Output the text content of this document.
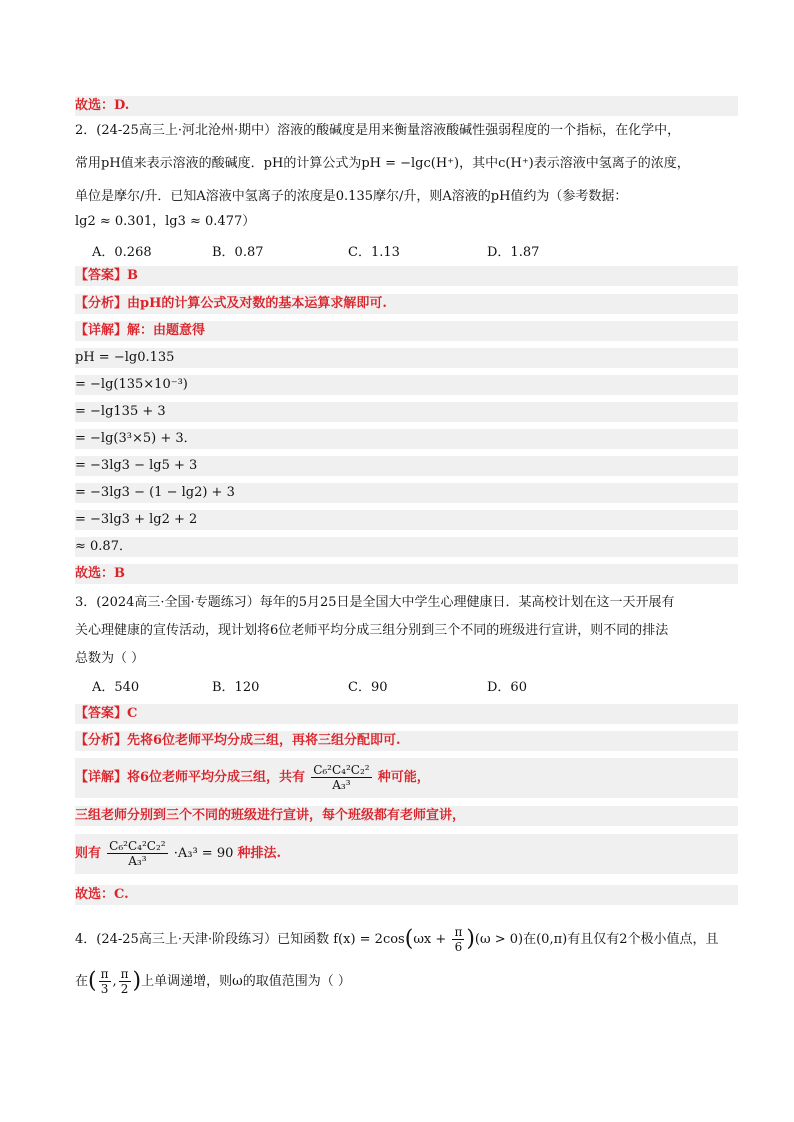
故选：D.
2．(24-25高三上·河北沧州·期中）溶液的酸碱度是用来衡量溶液酸碱性强弱程度的一个指标，在化学中，
常用pH值来表示溶液的酸碱度．pH的计算公式为pH = −lgc(H⁺)，其中c(H⁺)表示溶液中氢离子的浓度，
单位是摩尔/升．已知A溶液中氢离子的浓度是0.135摩尔/升，则A溶液的pH值约为（参考数据：
lg2 ≈ 0.301，lg3 ≈ 0.477）
A．0.268	B．0.87	C．1.13	D．1.87
【答案】B
【分析】由pH的计算公式及对数的基本运算求解即可.
【详解】解：由题意得
pH = −lg0.135
= −lg(135×10⁻³)
= −lg135 + 3
= −lg(3³×5) + 3．
= −3lg3 − lg5 + 3
= −3lg3 − (1 − lg2) + 3
= −3lg3 + lg2 + 2
≈ 0.87．
故选：B
3．(2024高三·全国·专题练习）每年的5月25日是全国大中学生心理健康日．某高校计划在这一天开展有
关心理健康的宣传活动，现计划将6位老师平均分成三组分别到三个不同的班级进行宣讲，则不同的排法
总数为（ ）
A．540	B．120	C．90	D．60
【答案】C
【分析】先将6位老师平均分成三组，再将三组分配即可.
【详解】将6位老师平均分成三组，共有 $\frac{\text{C₆²C₄²C₂²}}{\text{A₃³}}$ 种可能，
三组老师分别到三个不同的班级进行宣讲，每个班级都有老师宣讲，
则有 $\frac{\text{C₆²C₄²C₂²}}{\text{A₃³}} \cdot A_3^3 = 90$ 种排法.
故选：C.
4．(24-25高三上·天津·阶段练习）已知函数 $f(x) = 2\cos(\omega x + \frac{\pi}{6} )(\omega > 0)$在(0,π)有且仅有2个极小值点，且
在( $\frac{\pi}{3}$ , $\frac{\pi}{2}$ )上单调递增，则ω的取值范围为（ ）
